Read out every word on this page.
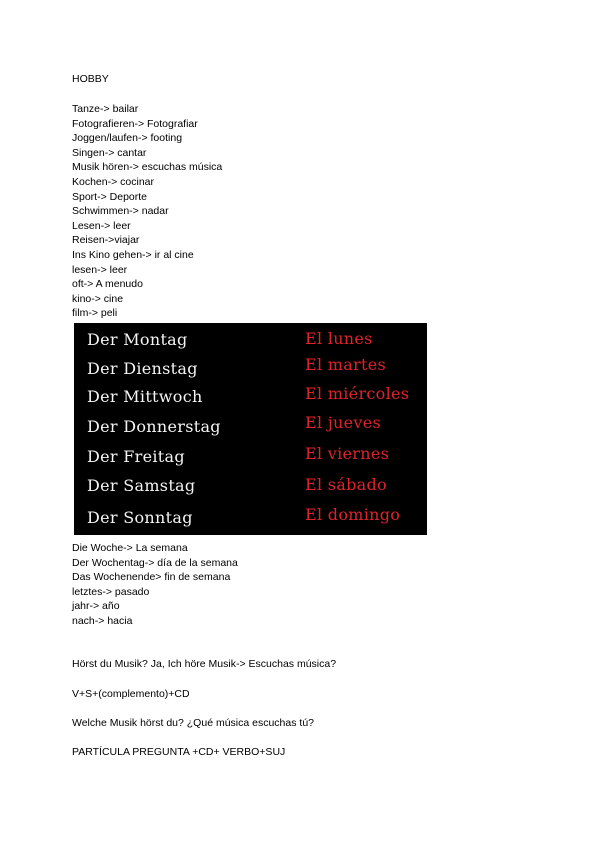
HOBBY
Tanze-> bailar
Fotografieren-> Fotografiar
Joggen/laufen-> footing
Singen-> cantar
Musik hören-> escuchas música
Kochen-> cocinar
Sport-> Deporte
Schwimmen-> nadar
Lesen-> leer
Reisen->viajar
Ins Kino gehen-> ir al cine
lesen-> leer
oft-> A menudo
kino-> cine
film-> peli
Der Montag
Der Dienstag
Der Mittwoch
Der Donnerstag
Der Freitag
Der Samstag
Der Sonntag
El lunes
El martes
El miércoles
El jueves
El viernes
El sábado
El domingo
Die Woche-> La semana
Der Wochentag-> día de la semana
Das Wochenende> fin de semana
letztes-> pasado
jahr-> año
nach-> hacia
Hörst du Musik? Ja, Ich höre Musik-> Escuchas música?
V+S+(complemento)+CD
Welche Musik hörst du? ¿Qué música escuchas tú?
PARTÍCULA PREGUNTA +CD+ VERBO+SUJ
